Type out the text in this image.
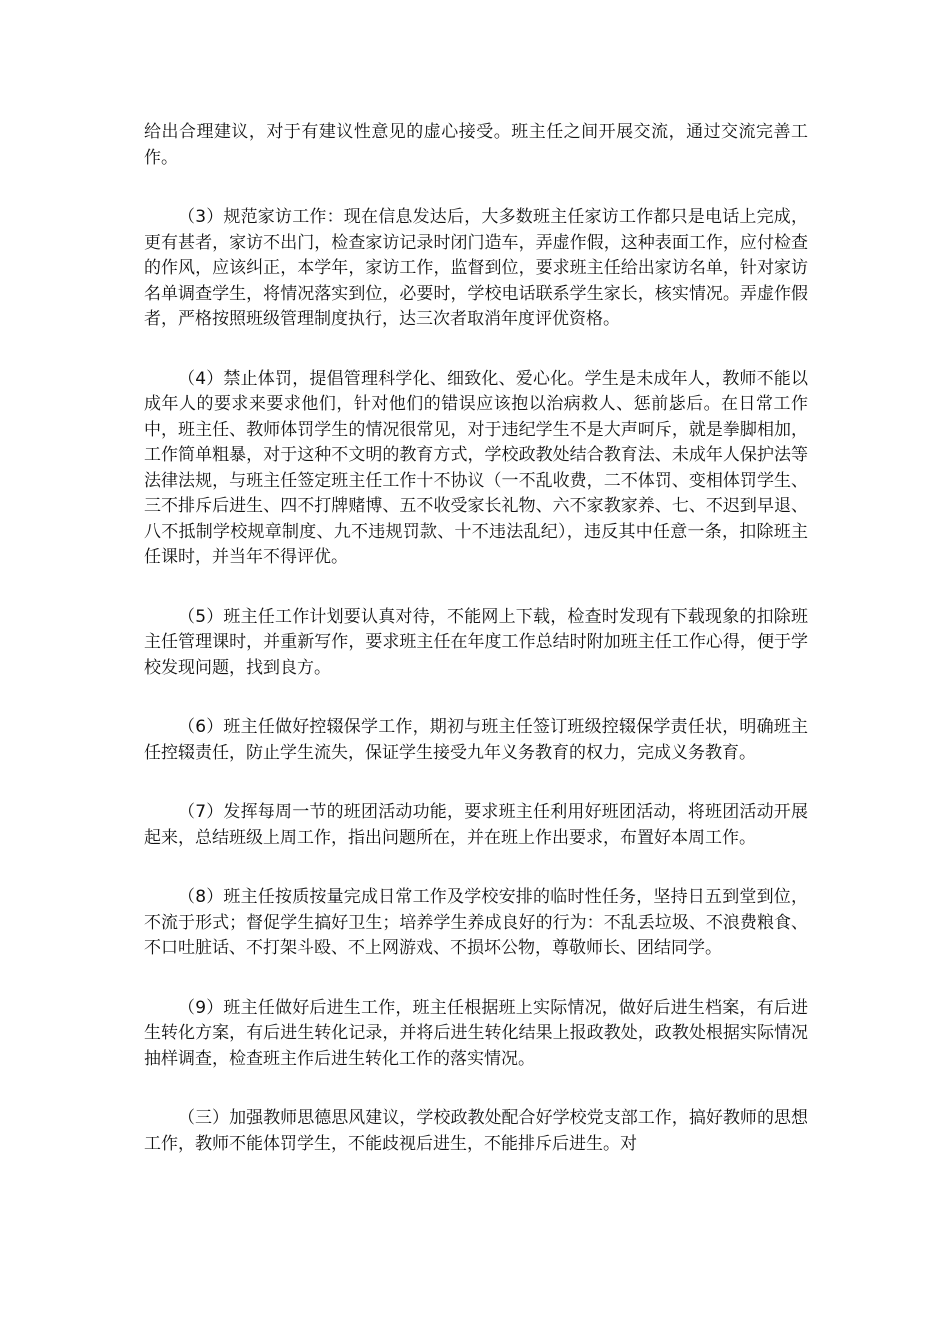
给出合理建议，对于有建议性意见的虚心接受。班主任之间开展交流，通过交流完善工作。

（3）规范家访工作：现在信息发达后，大多数班主任家访工作都只是电话上完成，更有甚者，家访不出门，检查家访记录时闭门造车，弄虚作假，这种表面工作，应付检查的作风，应该纠正，本学年，家访工作，监督到位，要求班主任给出家访名单，针对家访名单调查学生，将情况落实到位，必要时，学校电话联系学生家长，核实情况。弄虚作假者，严格按照班级管理制度执行，达三次者取消年度评优资格。

（4）禁止体罚，提倡管理科学化、细致化、爱心化。学生是未成年人，教师不能以成年人的要求来要求他们，针对他们的错误应该抱以治病救人、惩前毖后。在日常工作中，班主任、教师体罚学生的情况很常见，对于违纪学生不是大声呵斥，就是拳脚相加，工作简单粗暴，对于这种不文明的教育方式，学校政教处结合教育法、未成年人保护法等法律法规，与班主任签定班主任工作十不协议（一不乱收费，二不体罚、变相体罚学生、三不排斥后进生、四不打牌赌博、五不收受家长礼物、六不家教家养、七、不迟到早退、八不抵制学校规章制度、九不违规罚款、十不违法乱纪），违反其中任意一条，扣除班主任课时，并当年不得评优。

（5）班主任工作计划要认真对待，不能网上下载，检查时发现有下载现象的扣除班主任管理课时，并重新写作，要求班主任在年度工作总结时附加班主任工作心得，便于学校发现问题，找到良方。

（6）班主任做好控辍保学工作，期初与班主任签订班级控辍保学责任状，明确班主任控辍责任，防止学生流失，保证学生接受九年义务教育的权力，完成义务教育。

（7）发挥每周一节的班团活动功能，要求班主任利用好班团活动，将班团活动开展起来，总结班级上周工作，指出问题所在，并在班上作出要求，布置好本周工作。

（8）班主任按质按量完成日常工作及学校安排的临时性任务，坚持日五到堂到位，不流于形式；督促学生搞好卫生；培养学生养成良好的行为：不乱丢垃圾、不浪费粮食、不口吐脏话、不打架斗殴、不上网游戏、不损坏公物，尊敬师长、团结同学。

（9）班主任做好后进生工作，班主任根据班上实际情况，做好后进生档案，有后进生转化方案，有后进生转化记录，并将后进生转化结果上报政教处，政教处根据实际情况抽样调查，检查班主作后进生转化工作的落实情况。

（三）加强教师思德思风建议，学校政教处配合好学校党支部工作，搞好教师的思想工作，教师不能体罚学生，不能歧视后进生，不能排斥后进生。对
